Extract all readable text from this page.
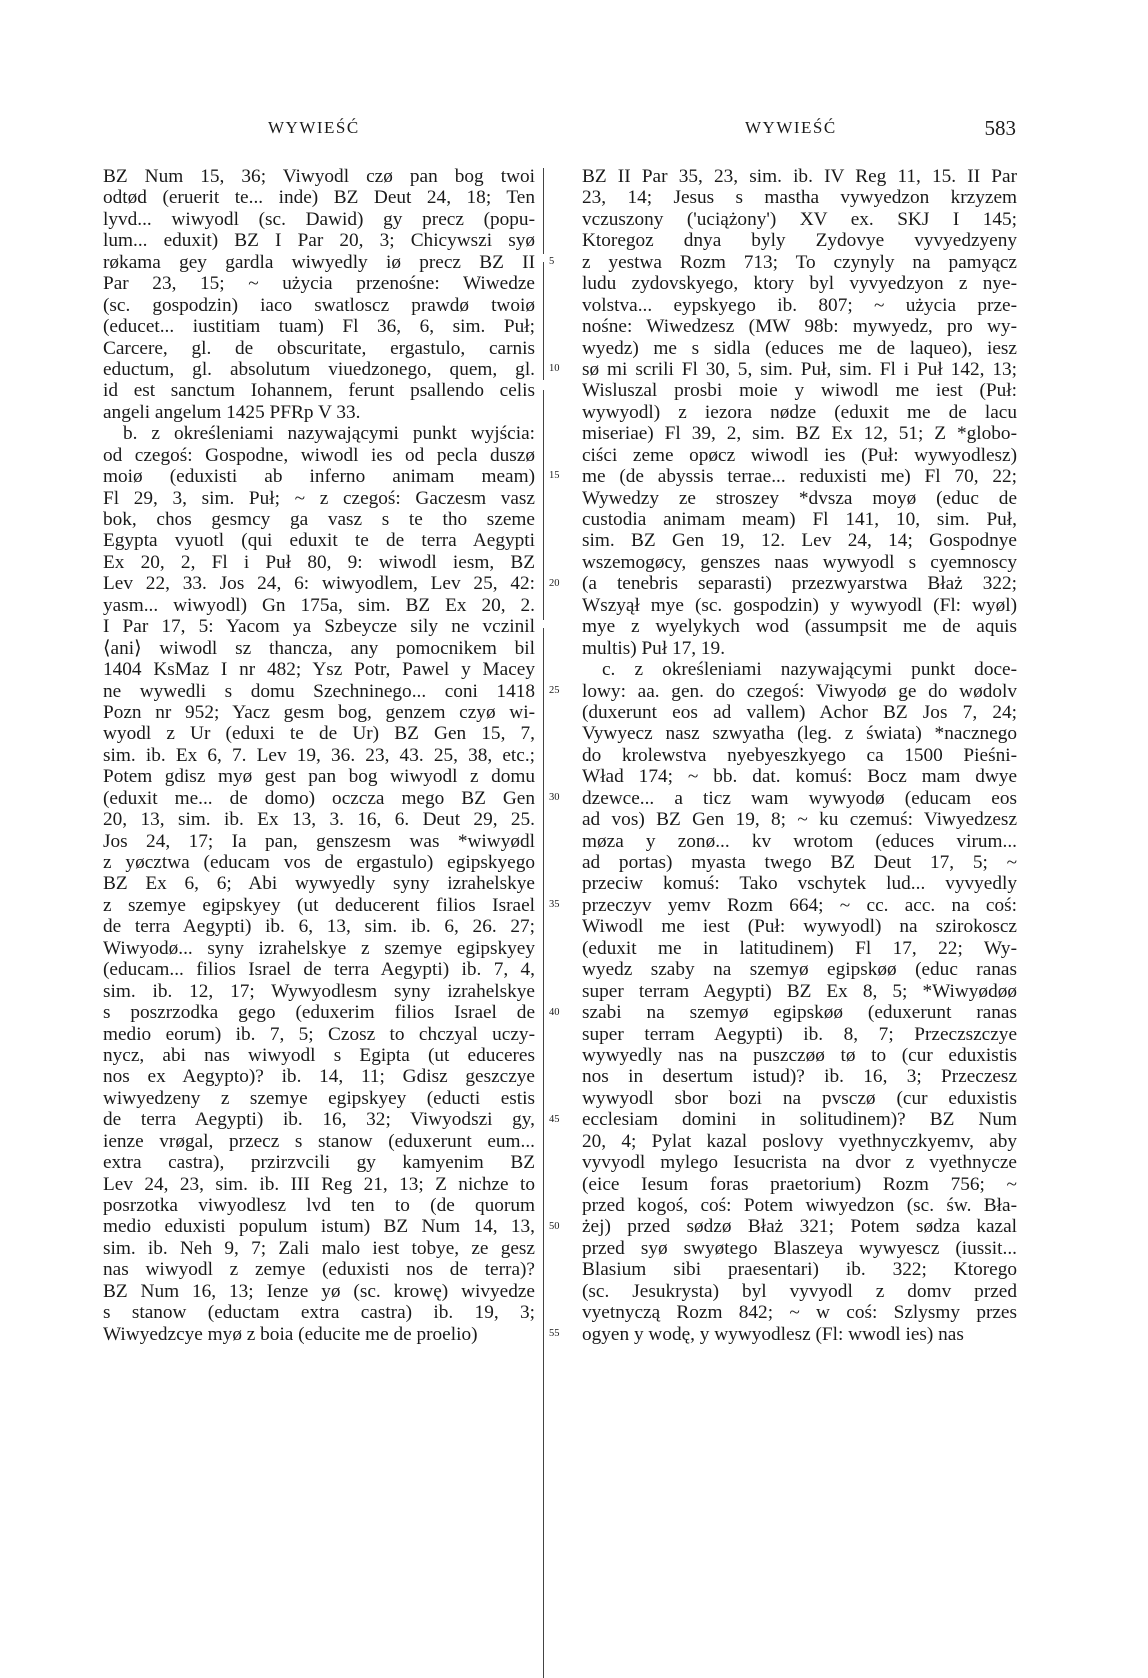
WYWIEŚĆ	WYWIEŚĆ	583
BZ Num 15, 36; Viwyodl czø pan bog twoi
odtød (eruerit te... inde) BZ Deut 24, 18; Ten
lyvd... wiwyodl (sc. Dawid) gy precz (popu-
lum... eduxit) BZ I Par 20, 3; Chicywszi syø
røkama gey gardla wiwyedly iø precz BZ II
Par 23, 15; ~ użycia przenośne: Wiwedze
(sc. gospodzin) iaco swatloscz prawdø twoiø
(educet... iustitiam tuam) Fl 36, 6, sim. Puł;
Carcere, gl. de obscuritate, ergastulo, carnis
eductum, gl. absolutum viuedzonego, quem, gl.
id est sanctum Iohannem, ferunt psallendo celis
angeli angelum 1425 PFRp V 33.
b. z określeniami nazywającymi punkt wyjścia:
od czegoś: Gospodne, wiwodl ies od pecla duszø
moiø (eduxisti ab inferno animam meam)
Fl 29, 3, sim. Puł; ~ z czegoś: Gaczesm vasz
bok, chos gesmcy ga vasz s te tho szeme
Egypta vyuotl (qui eduxit te de terra Aegypti
Ex 20, 2, Fl i Puł 80, 9: wiwodl iesm, BZ
Lev 22, 33. Jos 24, 6: wiwyodlem, Lev 25, 42:
yasm... wiwyodl) Gn 175a, sim. BZ Ex 20, 2.
I Par 17, 5: Yacom ya Szbeycze sily ne vczinil
⟨ani⟩ wiwodl sz thancza, any pomocnikem bil
1404 KsMaz I nr 482; Ysz Potr, Pawel y Macey
ne wywedli s domu Szechninego... coni 1418
Pozn nr 952; Yacz gesm bog, genzem czyø wi-
wyodl z Ur (eduxi te de Ur) BZ Gen 15, 7,
sim. ib. Ex 6, 7. Lev 19, 36. 23, 43. 25, 38, etc.;
Potem gdisz myø gest pan bog wiwyodl z domu
(eduxit me... de domo) oczcza mego BZ Gen
20, 13, sim. ib. Ex 13, 3. 16, 6. Deut 29, 25.
Jos 24, 17; Ia pan, genszesm was *wiwyødl
z yøcztwa (educam vos de ergastulo) egipskyego
BZ Ex 6, 6; Abi wywyedly syny izrahelskye
z szemye egipskyey (ut deducerent filios Israel
de terra Aegypti) ib. 6, 13, sim. ib. 6, 26. 27;
Wiwyodø... syny izrahelskye z szemye egipskyey
(educam... filios Israel de terra Aegypti) ib. 7, 4,
sim. ib. 12, 17; Wywyodlesm syny izrahelskye
s poszrzodka gego (eduxerim filios Israel de
medio eorum) ib. 7, 5; Czosz to chczyal uczy-
nycz, abi nas wiwyodl s Egipta (ut educeres
nos ex Aegypto)? ib. 14, 11; Gdisz geszczye
wiwyedzeny z szemye egipskyey (educti estis
de terra Aegypti) ib. 16, 32; Viwyodszi gy,
ienze vrøgal, przecz s stanow (eduxerunt eum...
extra castra), przirzvcili gy kamyenim BZ
Lev 24, 23, sim. ib. III Reg 21, 13; Z nichze to
posrzotka viwyodlesz lvd ten to (de quorum
medio eduxisti populum istum) BZ Num 14, 13,
sim. ib. Neh 9, 7; Zali malo iest tobye, ze gesz
nas wiwyodl z zemye (eduxisti nos de terra)?
BZ Num 16, 13; Ienze yø (sc. krowę) wivyedze
s stanow (eductam extra castra) ib. 19, 3;
Wiwyedzcye myø z boia (educite me de proelio)
5
10
15
20
25
30
35
40
45
50
55
BZ II Par 35, 23, sim. ib. IV Reg 11, 15. II Par
23, 14; Jesus s mastha vywyedzon krzyzem
vczuszony ('uciążony') XV ex. SKJ I 145;
Ktoregoz dnya byly Zydovye vyvyedzyeny
z yestwa Rozm 713; To czynyly na pamyącz
ludu zydovskyego, ktory byl vyvyedzyon z nye-
volstva... eypskyego ib. 807; ~ użycia prze-
nośne: Wiwedzesz (MW 98b: mywyedz, pro wy-
wyedz) me s sidla (educes me de laqueo), iesz
sø mi scrili Fl 30, 5, sim. Puł, sim. Fl i Puł 142, 13;
Wisluszal prosbi moie y wiwodl me iest (Puł:
wywyodl) z iezora nødze (eduxit me de lacu
miseriae) Fl 39, 2, sim. BZ Ex 12, 51; Z *globo-
ciści zeme opøcz wiwodl ies (Puł: wywyodlesz)
me (de abyssis terrae... reduxisti me) Fl 70, 22;
Wywedzy ze stroszey *dvsza moyø (educ de
custodia animam meam) Fl 141, 10, sim. Puł,
sim. BZ Gen 19, 12. Lev 24, 14; Gospodnye
wszemogøcy, genszes naas wywyodl s cyemnoscy
(a tenebris separasti) przezwyarstwa Błaż 322;
Wszyął mye (sc. gospodzin) y wywyodl (Fl: wyøl)
mye z wyelykych wod (assumpsit me de aquis
multis) Puł 17, 19.
c. z określeniami nazywającymi punkt doce-
lowy: aa. gen. do czegoś: Viwyodø ge do wødolv
(duxerunt eos ad vallem) Achor BZ Jos 7, 24;
Vywyecz nasz szwyatha (leg. z świata) *nacznego
do krolewstva nyebyeszkyego ca 1500 Pieśni-
Wład 174; ~ bb. dat. komuś: Bocz mam dwye
dzewce... a ticz wam wywyodø (educam eos
ad vos) BZ Gen 19, 8; ~ ku czemuś: Viwyedzesz
møza y zonø... kv wrotom (educes virum...
ad portas) myasta twego BZ Deut 17, 5; ~
przeciw komuś: Tako vschytek lud... vyvyedly
przeczyv yemv Rozm 664; ~ cc. acc. na coś:
Wiwodl me iest (Puł: wywyodl) na szirokoscz
(eduxit me in latitudinem) Fl 17, 22; Wy-
wyedz szaby na szemyø egipskøø (educ ranas
super terram Aegypti) BZ Ex 8, 5; *Wiwyødøø
szabi na szemyø egipskøø (eduxerunt ranas
super terram Aegypti) ib. 8, 7; Przeczszczye
wywyedly nas na puszczøø tø to (cur eduxistis
nos in desertum istud)? ib. 16, 3; Przeczesz
wywyodl sbor bozi na pvsczø (cur eduxistis
ecclesiam domini in solitudinem)? BZ Num
20, 4; Pylat kazal poslovy vyethnyczkyemv, aby
vyvyodl mylego Iesucrista na dvor z vyethnycze
(eice Iesum foras praetorium) Rozm 756; ~
przed kogoś, coś: Potem wiwyedzon (sc. św. Bła-
żej) przed sødzø Błaż 321; Potem sødza kazal
przed syø swyøtego Blaszeya wywyescz (iussit...
Blasium sibi praesentari) ib. 322; Ktorego
(sc. Jesukrysta) byl vyvyodl z domv przed
vyetnyczą Rozm 842; ~ w coś: Szlysmy przes
ogyen y wodę, y wywyodlesz (Fl: wwodl ies) nas
